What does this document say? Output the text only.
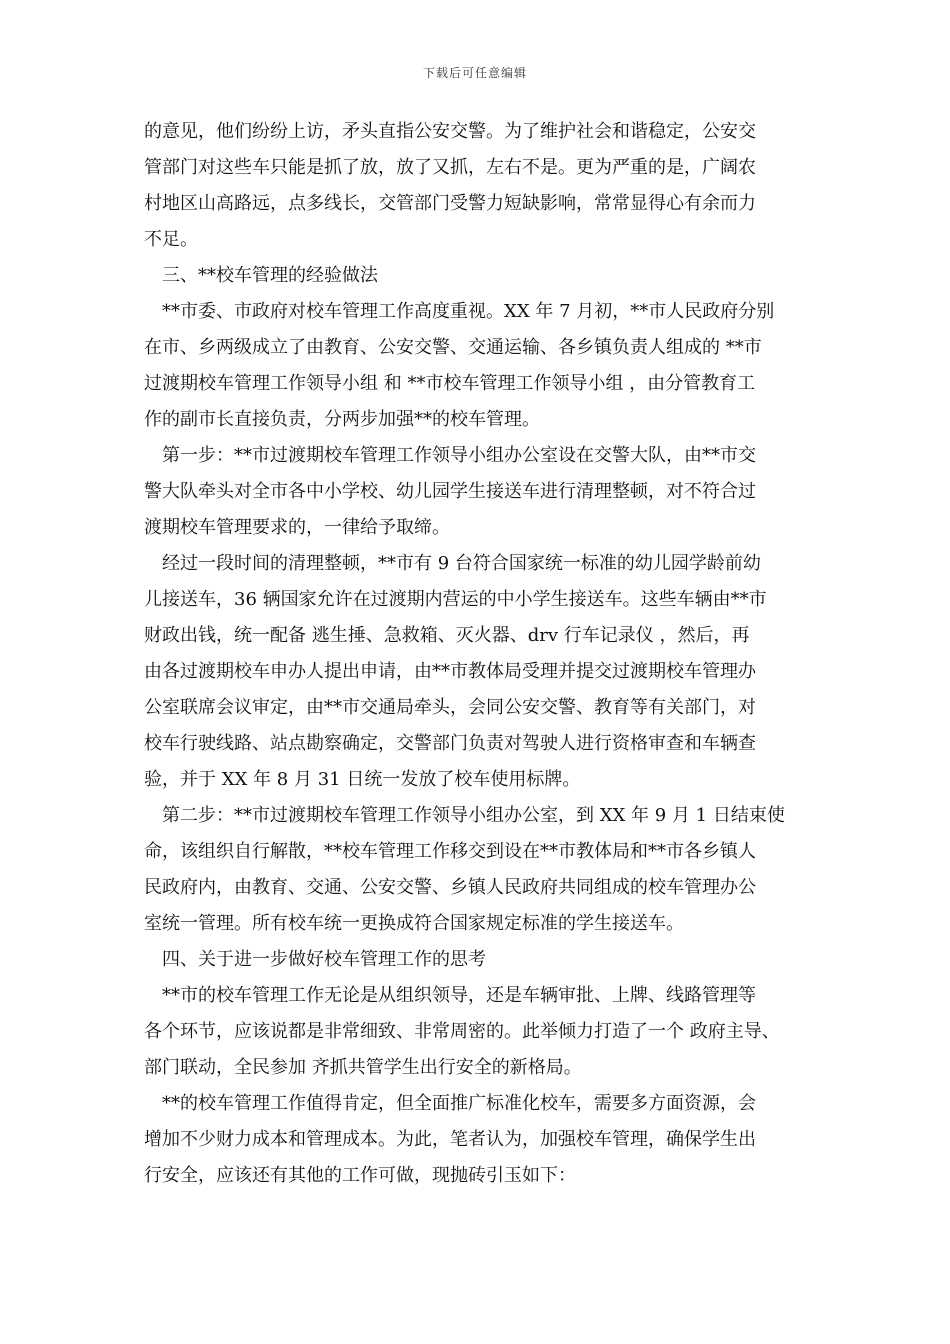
下载后可任意编辑
的意见，他们纷纷上访，矛头直指公安交警。为了维护社会和谐稳定，公安交
管部门对这些车只能是抓了放，放了又抓，左右不是。更为严重的是，广阔农
村地区山高路远，点多线长，交管部门受警力短缺影响，常常显得心有余而力
不足。
三、**校车管理的经验做法
**市委、市政府对校车管理工作高度重视。XX 年 7 月初，**市人民政府分别
在市、乡两级成立了由教育、公安交警、交通运输、各乡镇负责人组成的 **市
过渡期校车管理工作领导小组 和 **市校车管理工作领导小组 ，由分管教育工
作的副市长直接负责，分两步加强**的校车管理。
第一步：**市过渡期校车管理工作领导小组办公室设在交警大队，由**市交
警大队牵头对全市各中小学校、幼儿园学生接送车进行清理整顿，对不符合过
渡期校车管理要求的，一律给予取缔。
经过一段时间的清理整顿，**市有 9 台符合国家统一标准的幼儿园学龄前幼
儿接送车，36 辆国家允许在过渡期内营运的中小学生接送车。这些车辆由**市
财政出钱，统一配备 逃生捶、急救箱、灭火器、drv 行车记录仪 ，然后，再
由各过渡期校车申办人提出申请，由**市教体局受理并提交过渡期校车管理办
公室联席会议审定，由**市交通局牵头，会同公安交警、教育等有关部门，对
校车行驶线路、站点勘察确定，交警部门负责对驾驶人进行资格审查和车辆查
验，并于 XX 年 8 月 31 日统一发放了校车使用标牌。
第二步：**市过渡期校车管理工作领导小组办公室，到 XX 年 9 月 1 日结束使
命，该组织自行解散，**校车管理工作移交到设在**市教体局和**市各乡镇人
民政府内，由教育、交通、公安交警、乡镇人民政府共同组成的校车管理办公
室统一管理。所有校车统一更换成符合国家规定标准的学生接送车。
四、关于进一步做好校车管理工作的思考
**市的校车管理工作无论是从组织领导，还是车辆审批、上牌、线路管理等
各个环节，应该说都是非常细致、非常周密的。此举倾力打造了一个 政府主导、
部门联动，全民参加 齐抓共管学生出行安全的新格局。
**的校车管理工作值得肯定，但全面推广标准化校车，需要多方面资源，会
增加不少财力成本和管理成本。为此，笔者认为，加强校车管理，确保学生出
行安全，应该还有其他的工作可做，现抛砖引玉如下：
